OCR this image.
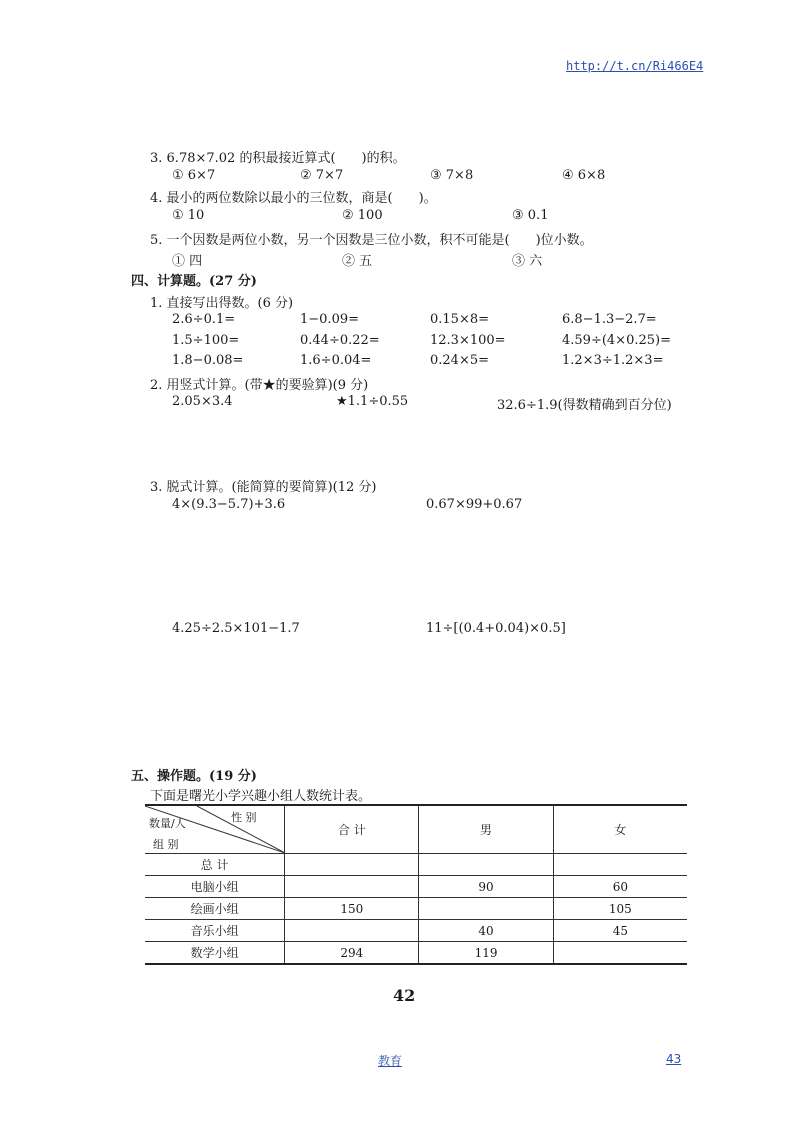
http://t.cn/Ri466E4
3. 6.78×7.02 的积最接近算式(　　)的积。
① 6×7	② 7×7	③ 7×8	④ 6×8
4. 最小的两位数除以最小的三位数，商是(　　)。
① 10	② 100	③ 0.1
5. 一个因数是两位小数，另一个因数是三位小数，积不可能是(　　)位小数。
① 四	② 五	③ 六
四、计算题。(27 分)
1. 直接写出得数。(6 分)
2.6÷0.1=	1−0.09=	0.15×8=	6.8−1.3−2.7=
1.5÷100=	0.44÷0.22=	12.3×100=	4.59÷(4×0.25)=
1.8−0.08=	1.6÷0.04=	0.24×5=	1.2×3÷1.2×3=
2. 用竖式计算。(带★的要验算)(9 分)
2.05×3.4	★1.1÷0.55	32.6÷1.9(得数精确到百分位)
3. 脱式计算。(能简算的要简算)(12 分)
4×(9.3−5.7)+3.6	0.67×99+0.67
4.25÷2.5×101−1.7	11÷[(0.4+0.04)×0.5]
五、操作题。(19 分)
下面是曙光小学兴趣小组人数统计表。
性 别
数量/人
组 别	合 计	男	女
总 计			
电脑小组		90	60
绘画小组	150		105
音乐小组		40	45
数学小组	294	119	
42
教育	43
